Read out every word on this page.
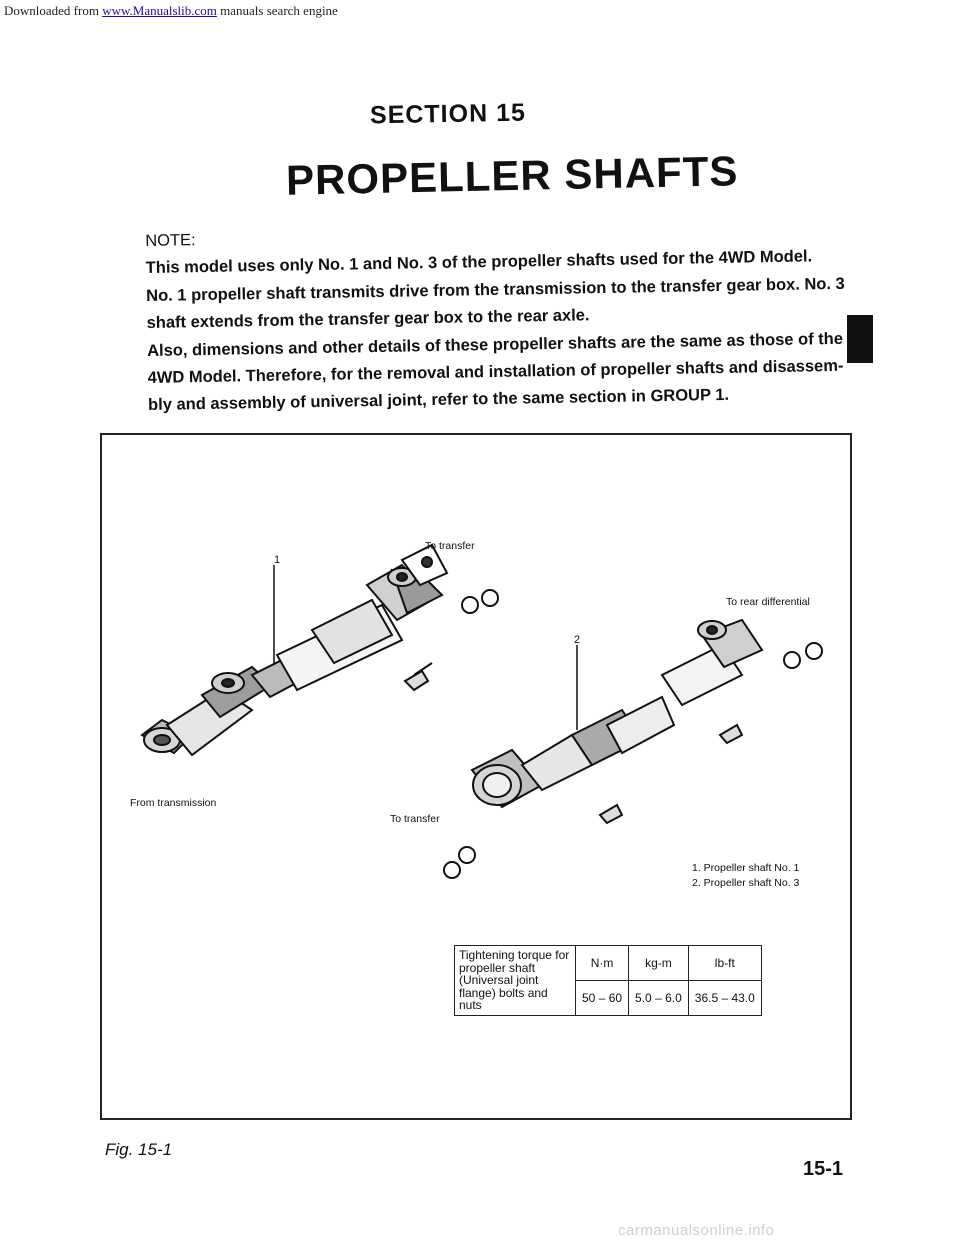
Downloaded from www.Manualslib.com manuals search engine
SECTION 15
PROPELLER SHAFTS
NOTE:
This model uses only No. 1 and No. 3 of the propeller shafts used for the 4WD Model.
No. 1 propeller shaft transmits drive from the transmission to the transfer gear box. No. 3
shaft extends from the transfer gear box to the rear axle.
Also, dimensions and other details of these propeller shafts are the same as those of the
4WD Model. Therefore, for the removal and installation of propeller shafts and disassem-
bly and assembly of universal joint, refer to the same section in GROUP 1.
1
2
To transfer
To rear differential
From transmission
To transfer
1. Propeller shaft No. 1
2. Propeller shaft No. 3
Tightening torque for propeller shaft (Universal joint flange) bolts and nuts	N·m	kg-m	lb-ft
	50 – 60	5.0 – 6.0	36.5 – 43.0
Fig. 15-1
15-1
carmanualsonline.info
